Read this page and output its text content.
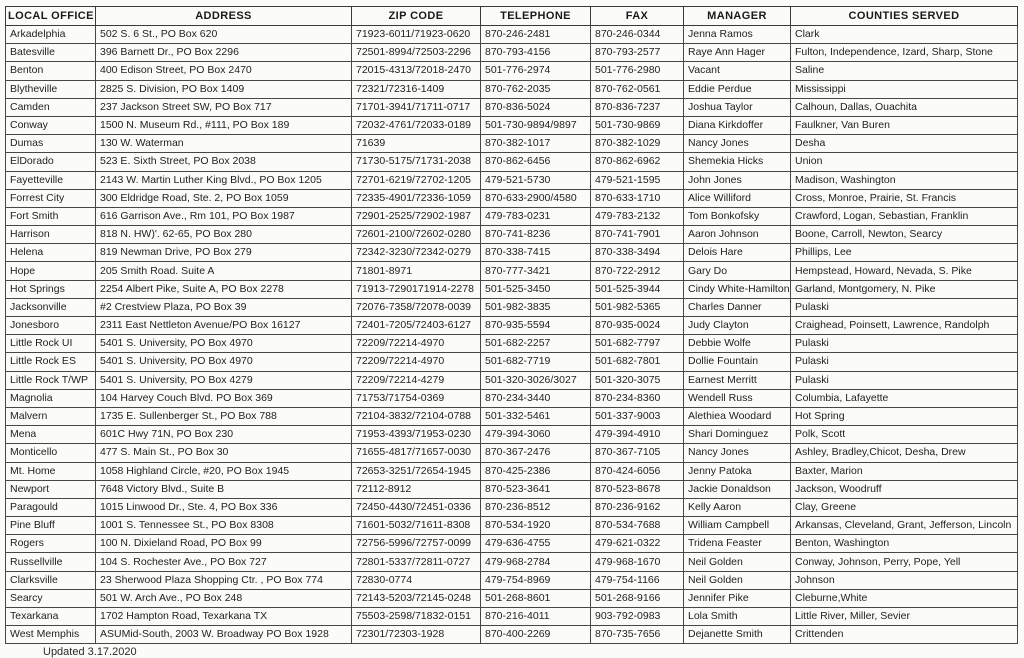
LOCAL OFFICE	ADDRESS	ZIP CODE	TELEPHONE	FAX	MANAGER	COUNTIES SERVED
Arkadelphia	502 S. 6 St., PO Box 620	71923-6011/71923-0620	870-246-2481	870-246-0344	Jenna Ramos	Clark
Batesville	396 Barnett Dr., PO Box 2296	72501-8994/72503-2296	870-793-4156	870-793-2577	Raye Ann Hager	Fulton, Independence, Izard, Sharp, Stone
Benton	400 Edison Street, PO Box 2470	72015-4313/72018-2470	501-776-2974	501-776-2980	Vacant	Saline
Blytheville	2825 S. Division, PO Box 1409	72321/72316-1409	870-762-2035	870-762-0561	Eddie Perdue	Mississippi
Camden	237 Jackson Street SW, PO Box 717	71701-3941/71711-0717	870-836-5024	870-836-7237	Joshua Taylor	Calhoun, Dallas, Ouachita
Conway	1500 N. Museum Rd., #111, PO Box 189	72032-4761/72033-0189	501-730-9894/9897	501-730-9869	Diana Kirkdoffer	Faulkner, Van Buren
Dumas	130 W. Waterman	71639	870-382-1017	870-382-1029	Nancy Jones	Desha
ElDorado	523 E. Sixth Street, PO Box 2038	71730-5175/71731-2038	870-862-6456	870-862-6962	Shemekia Hicks	Union
Fayetteville	2143 W. Martin Luther King Blvd., PO Box 1205	72701-6219/72702-1205	479-521-5730	479-521-1595	John Jones	Madison, Washington
Forrest City	300 Eldridge Road, Ste. 2, PO Box 1059	72335-4901/72336-1059	870-633-2900/4580	870-633-1710	Alice Williford	Cross, Monroe, Prairie, St. Francis
Fort Smith	616 Garrison Ave., Rm 101, PO Box 1987	72901-2525/72902-1987	479-783-0231	479-783-2132	Tom Bonkofsky	Crawford, Logan, Sebastian, Franklin
Harrison	818 N. HW)'. 62-65, PO Box 280	72601-2100/72602-0280	870-741-8236	870-741-7901	Aaron Johnson	Boone, Carroll, Newton, Searcy
Helena	819 Newman Drive, PO Box 279	72342-3230/72342-0279	870-338-7415	870-338-3494	Delois Hare	Phillips, Lee
Hope	205 Smith Road. Suite A	71801-8971	870-777-3421	870-722-2912	Gary Do	Hempstead, Howard, Nevada, S. Pike
Hot Springs	2254 Albert Pike, Suite A, PO Box 2278	71913-7290171914-2278	501-525-3450	501-525-3944	Cindy White-Hamilton	Garland, Montgomery, N. Pike
Jacksonville	#2 Crestview Plaza, PO Box 39	72076-7358/72078-0039	501-982-3835	501-982-5365	Charles Danner	Pulaski
Jonesboro	2311 East Nettleton Avenue/PO Box 16127	72401-7205/72403-6127	870-935-5594	870-935-0024	Judy Clayton	Craighead, Poinsett, Lawrence, Randolph
Little Rock UI	5401 S. University, PO Box 4970	72209/72214-4970	501-682-2257	501-682-7797	Debbie Wolfe	Pulaski
Little Rock ES	5401 S. University, PO Box 4970	72209/72214-4970	501-682-7719	501-682-7801	Dollie Fountain	Pulaski
Little Rock T/WP	5401 S. University, PO Box 4279	72209/72214-4279	501-320-3026/3027	501-320-3075	Earnest Merritt	Pulaski
Magnolia	104 Harvey Couch Blvd. PO Box 369	71753/71754-0369	870-234-3440	870-234-8360	Wendell Russ	Columbia, Lafayette
Malvern	1735 E. Sullenberger St., PO Box 788	72104-3832/72104-0788	501-332-5461	501-337-9003	Alethiea Woodard	Hot Spring
Mena	601C Hwy 71N, PO Box 230	71953-4393/71953-0230	479-394-3060	479-394-4910	Shari Dominguez	Polk, Scott
Monticello	477 S. Main St., PO Box 30	71655-4817/71657-0030	870-367-2476	870-367-7105	Nancy Jones	Ashley, Bradley,Chicot, Desha, Drew
Mt. Home	1058 Highland Circle, #20, PO Box 1945	72653-3251/72654-1945	870-425-2386	870-424-6056	Jenny Patoka	Baxter, Marion
Newport	7648 Victory Blvd., Suite B	72112-8912	870-523-3641	870-523-8678	Jackie Donaldson	Jackson, Woodruff
Paragould	1015 Linwood Dr., Ste. 4, PO Box 336	72450-4430/72451-0336	870-236-8512	870-236-9162	Kelly Aaron	Clay, Greene
Pine Bluff	1001 S. Tennessee St., PO Box 8308	71601-5032/71611-8308	870-534-1920	870-534-7688	William Campbell	Arkansas, Cleveland, Grant, Jefferson, Lincoln
Rogers	100 N. Dixieland Road, PO Box 99	72756-5996/72757-0099	479-636-4755	479-621-0322	Tridena Feaster	Benton, Washington
Russellville	104 S. Rochester Ave., PO Box 727	72801-5337/72811-0727	479-968-2784	479-968-1670	Neil Golden	Conway, Johnson, Perry, Pope, Yell
Clarksville	23 Sherwood Plaza Shopping Ctr. , PO Box 774	72830-0774	479-754-8969	479-754-1166	Neil Golden	Johnson
Searcy	501 W. Arch Ave., PO Box 248	72143-5203/72145-0248	501-268-8601	501-268-9166	Jennifer Pike	Cleburne,White
Texarkana	1702 Hampton Road, Texarkana TX	75503-2598/71832-0151	870-216-4011	903-792-0983	Lola Smith	Little River, Miller, Sevier
West Memphis	ASUMid-South, 2003 W. Broadway PO Box 1928	72301/72303-1928	870-400-2269	870-735-7656	Dejanette Smith	Crittenden
Updated 3.17.2020
